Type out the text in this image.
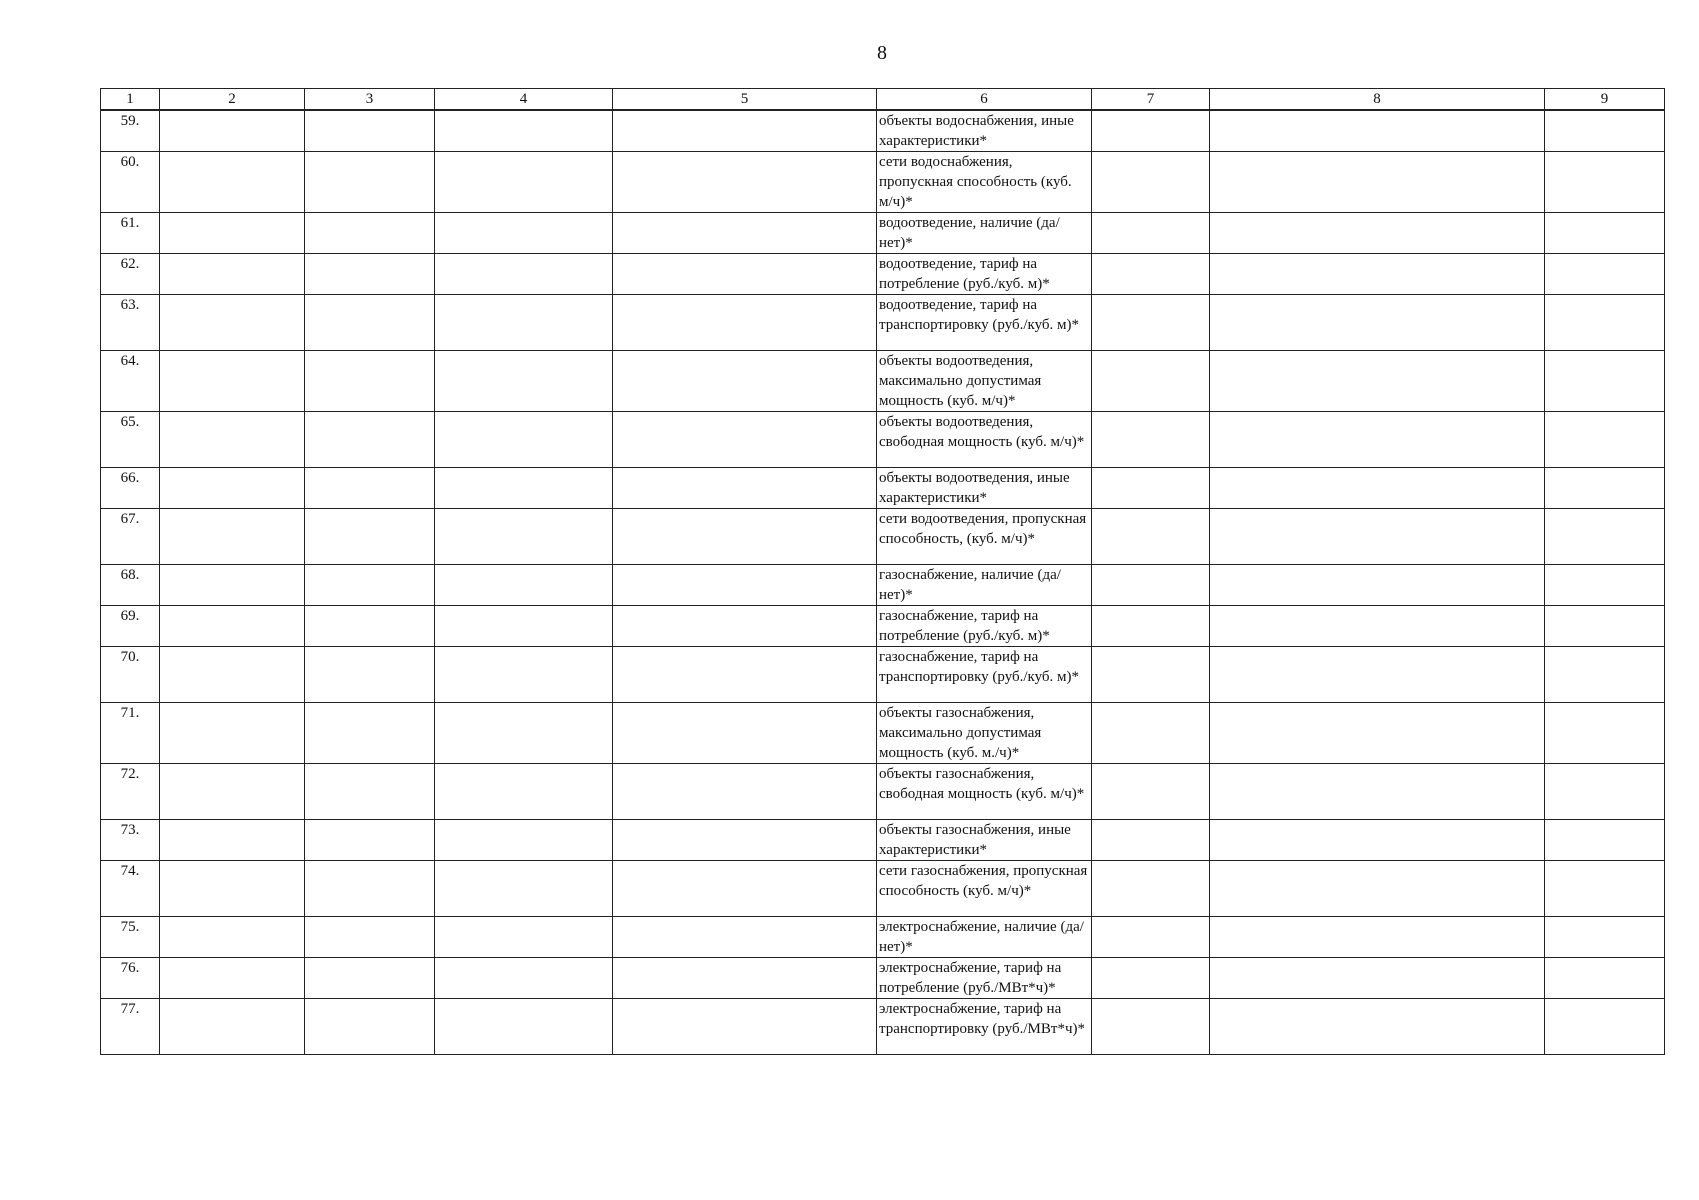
8
1	2	3	4	5	6	7	8	9
59.					объекты водоснабжения, иные характеристики*			
60.					сети водоснабжения, пропускная способность (куб. м/ч)*			
61.					водоотведение, наличие (да/нет)*			
62.					водоотведение, тариф на потребление (руб./куб. м)*			
63.					водоотведение, тариф на транспортировку (руб./куб. м)*			
64.					объекты водоотведения, максимально допустимая мощность (куб. м/ч)*			
65.					объекты водоотведения, свободная мощность (куб. м/ч)*			
66.					объекты водоотведения, иные характеристики*			
67.					сети водоотведения, пропускная способность, (куб. м/ч)*			
68.					газоснабжение, наличие (да/нет)*			
69.					газоснабжение, тариф на потребление (руб./куб. м)*			
70.					газоснабжение, тариф на транспортировку (руб./куб. м)*			
71.					объекты газоснабжения, максимально допустимая мощность (куб. м./ч)*			
72.					объекты газоснабжения, свободная мощность (куб. м/ч)*			
73.					объекты газоснабжения, иные характеристики*			
74.					сети газоснабжения, пропускная способность (куб. м/ч)*			
75.					электроснабжение, наличие (да/нет)*			
76.					электроснабжение, тариф на потребление (руб./МВт*ч)*			
77.					электроснабжение, тариф на транспортировку (руб./МВт*ч)*			
